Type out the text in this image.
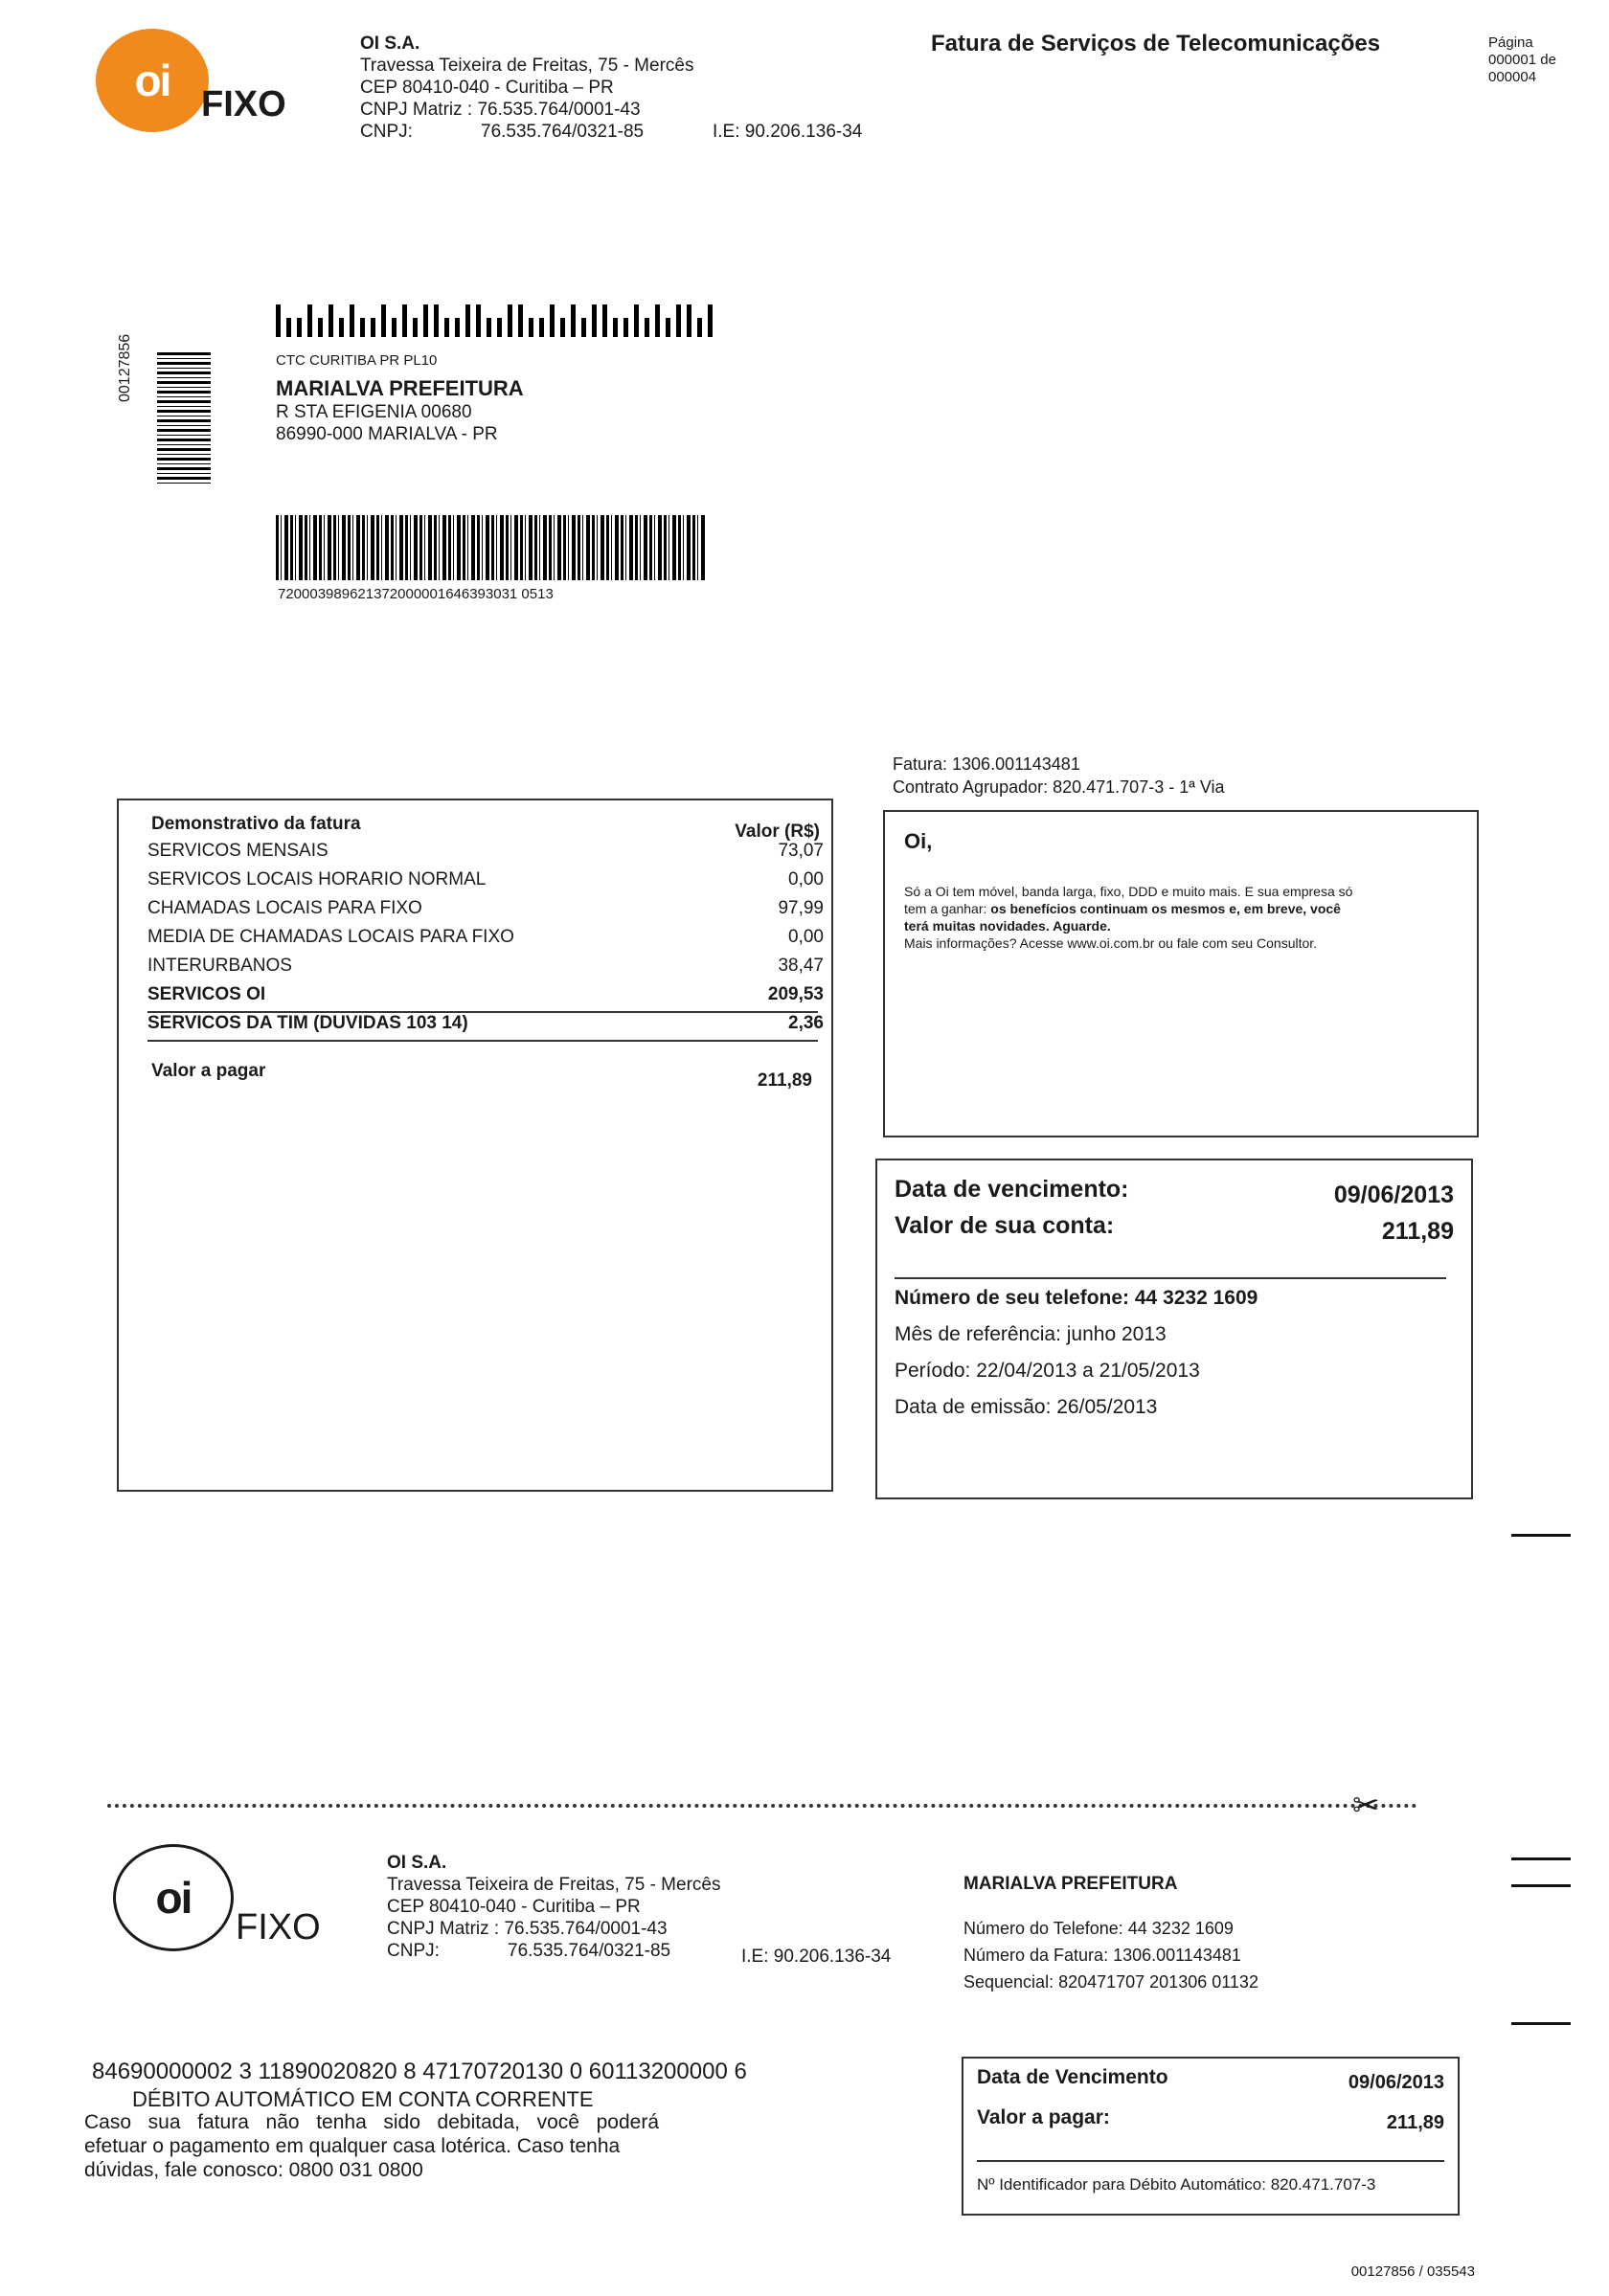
oi FIXO
OI S.A.
Travessa Teixeira de Freitas, 75 - Mercês
CEP 80410-040 - Curitiba – PR
CNPJ Matriz : 76.535.764/0001-43
CNPJ:	76.535.764/0321-85	I.E: 90.206.136-34
Fatura de Serviços de Telecomunicações	Página
000001 de
000004
00127856	CTC CURITIBA PR PL10
MARIALVA PREFEITURA
R STA EFIGENIA 00680
86990-000 MARIALVA - PR
720003989621372000001646393031 0513
Fatura: 1306.001143481
Contrato Agrupador: 820.471.707-3 - 1ª Via
Demonstrativo da fatura	Valor (R$)
SERVICOS MENSAIS	73,07
SERVICOS LOCAIS HORARIO NORMAL	0,00
CHAMADAS LOCAIS PARA FIXO	97,99
MEDIA DE CHAMADAS LOCAIS PARA FIXO	0,00
INTERURBANOS	38,47
SERVICOS OI	209,53
SERVICOS DA TIM (DUVIDAS 103 14)	2,36
Valor a pagar	211,89
Oi,
Só a Oi tem móvel, banda larga, fixo, DDD e muito mais. E sua empresa só
tem a ganhar: os benefícios continuam os mesmos e, em breve, você
terá muitas novidades. Aguarde.
Mais informações? Acesse www.oi.com.br ou fale com seu Consultor.
Data de vencimento:	09/06/2013
Valor de sua conta:	211,89
Número de seu telefone: 44 3232 1609
Mês de referência: junho 2013
Período: 22/04/2013 a 21/05/2013
Data de emissão: 26/05/2013
✂
oi
FIXO
OI S.A.
Travessa Teixeira de Freitas, 75 - Mercês
CEP 80410-040 - Curitiba – PR
CNPJ Matriz : 76.535.764/0001-43
CNPJ:	76.535.764/0321-85	I.E: 90.206.136-34
MARIALVA PREFEITURA
Número do Telefone: 44 3232 1609
Número da Fatura: 1306.001143481
Sequencial: 820471707 201306 01132
84690000002 3 11890020820 8 47170720130 0 60113200000 6
DÉBITO AUTOMÁTICO EM CONTA CORRENTE
Caso sua fatura não tenha sido debitada, você poderá
efetuar o pagamento em qualquer casa lotérica. Caso tenha
dúvidas, fale conosco: 0800 031 0800
Data de Vencimento	09/06/2013
Valor a pagar:	211,89
Nº Identificador para Débito Automático: 820.471.707-3
00127856 / 035543
